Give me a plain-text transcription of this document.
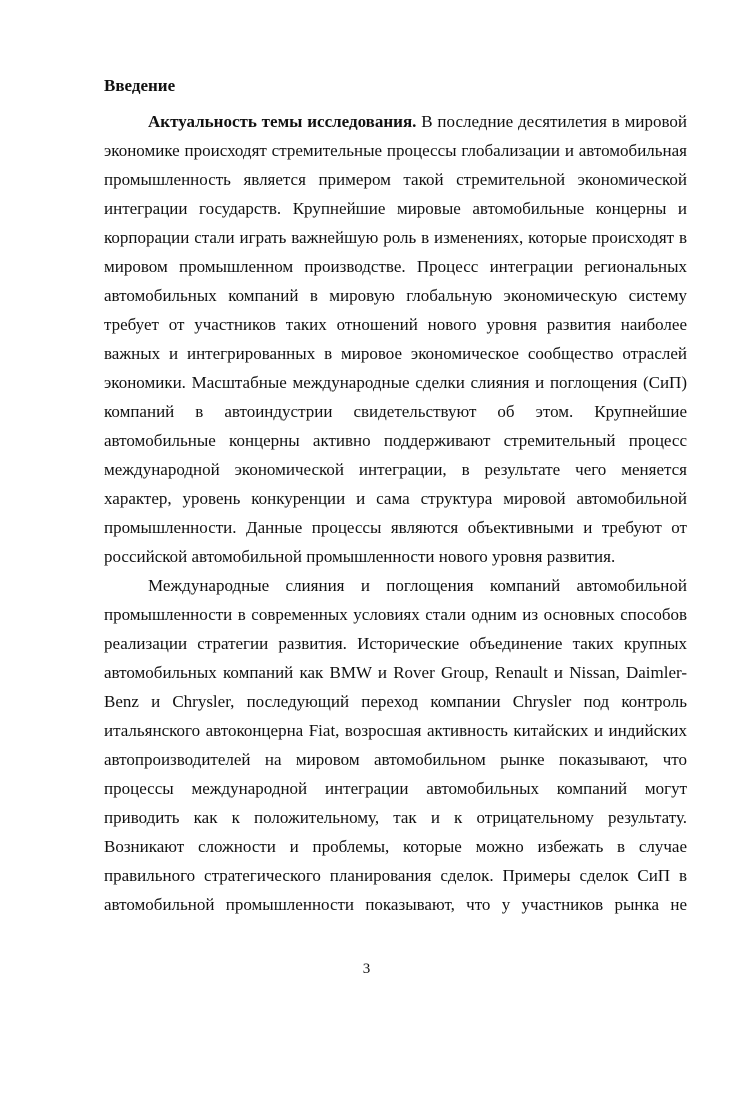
Введение

Актуальность темы исследования. В последние десятилетия в мировой

экономике происходят стремительные процессы глобализации и автомобильная

промышленность является примером такой стремительной экономической

интеграции государств. Крупнейшие мировые автомобильные концерны и

корпорации стали играть важнейшую роль в изменениях, которые происходят в

мировом промышленном производстве. Процесс интеграции региональных

автомобильных компаний в мировую глобальную экономическую систему

требует от участников таких отношений нового уровня развития наиболее

важных и интегрированных в мировое экономическое сообщество отраслей

экономики. Масштабные международные сделки слияния и поглощения (СиП)

компаний в автоиндустрии свидетельствуют об этом. Крупнейшие

автомобильные концерны активно поддерживают стремительный процесс

международной экономической интеграции, в результате чего меняется

характер, уровень конкуренции и сама структура мировой автомобильной

промышленности. Данные процессы являются объективными и требуют от

российской автомобильной промышленности нового уровня развития.

Международные слияния и поглощения компаний автомобильной

промышленности в современных условиях стали одним из основных способов

реализации стратегии развития. Исторические объединение таких крупных

автомобильных компаний как BMW и Rover Group, Renault и Nissan, Daimler-

Benz и Chrysler, последующий переход компании Chrysler под контроль

итальянского автоконцерна Fiat, возросшая активность китайских и индийских

автопроизводителей на мировом автомобильном рынке показывают, что

процессы международной интеграции автомобильных компаний могут

приводить как к положительному, так и к отрицательному результату.

Возникают сложности и проблемы, которые можно избежать в случае

правильного стратегического планирования сделок. Примеры сделок СиП в

автомобильной промышленности показывают, что у участников рынка не

3
